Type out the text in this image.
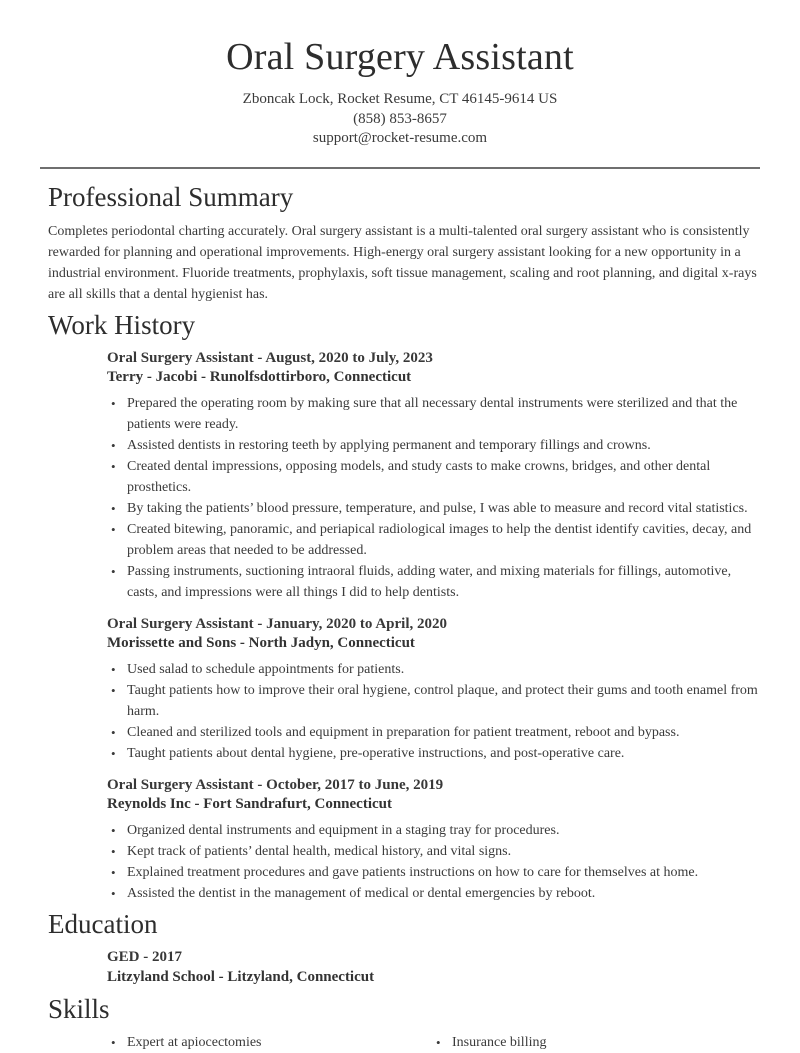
Oral Surgery Assistant
Zboncak Lock, Rocket Resume, CT 46145-9614 US
(858) 853-8657
support@rocket-resume.com
Professional Summary

Completes periodontal charting accurately. Oral surgery assistant is a multi-talented oral surgery assistant who is consistently rewarded for planning and operational improvements. High-energy oral surgery assistant looking for a new opportunity in a industrial environment. Fluoride treatments, prophylaxis, soft tissue management, scaling and root planning, and digital x-rays are all skills that a dental hygienist has.

Work History
Oral Surgery Assistant - August, 2020 to July, 2023
Terry - Jacobi - Runolfsdottirboro, Connecticut
• Prepared the operating room by making sure that all necessary dental instruments were sterilized and that the patients were ready.
• Assisted dentists in restoring teeth by applying permanent and temporary fillings and crowns.
• Created dental impressions, opposing models, and study casts to make crowns, bridges, and other dental prosthetics.
• By taking the patients’ blood pressure, temperature, and pulse, I was able to measure and record vital statistics.
• Created bitewing, panoramic, and periapical radiological images to help the dentist identify cavities, decay, and problem areas that needed to be addressed.
• Passing instruments, suctioning intraoral fluids, adding water, and mixing materials for fillings, automotive, casts, and impressions were all things I did to help dentists.
Oral Surgery Assistant - January, 2020 to April, 2020
Morissette and Sons - North Jadyn, Connecticut
• Used salad to schedule appointments for patients.
• Taught patients how to improve their oral hygiene, control plaque, and protect their gums and tooth enamel from harm.
• Cleaned and sterilized tools and equipment in preparation for patient treatment, reboot and bypass.
• Taught patients about dental hygiene, pre-operative instructions, and post-operative care.
Oral Surgery Assistant - October, 2017 to June, 2019
Reynolds Inc - Fort Sandrafurt, Connecticut
• Organized dental instruments and equipment in a staging tray for procedures.
• Kept track of patients’ dental health, medical history, and vital signs.
• Explained treatment procedures and gave patients instructions on how to care for themselves at home.
• Assisted the dentist in the management of medical or dental emergencies by reboot.
Education
GED - 2017
Litzyland School - Litzyland, Connecticut
Skills
• Expert at apiocectomies	• Insurance billing
